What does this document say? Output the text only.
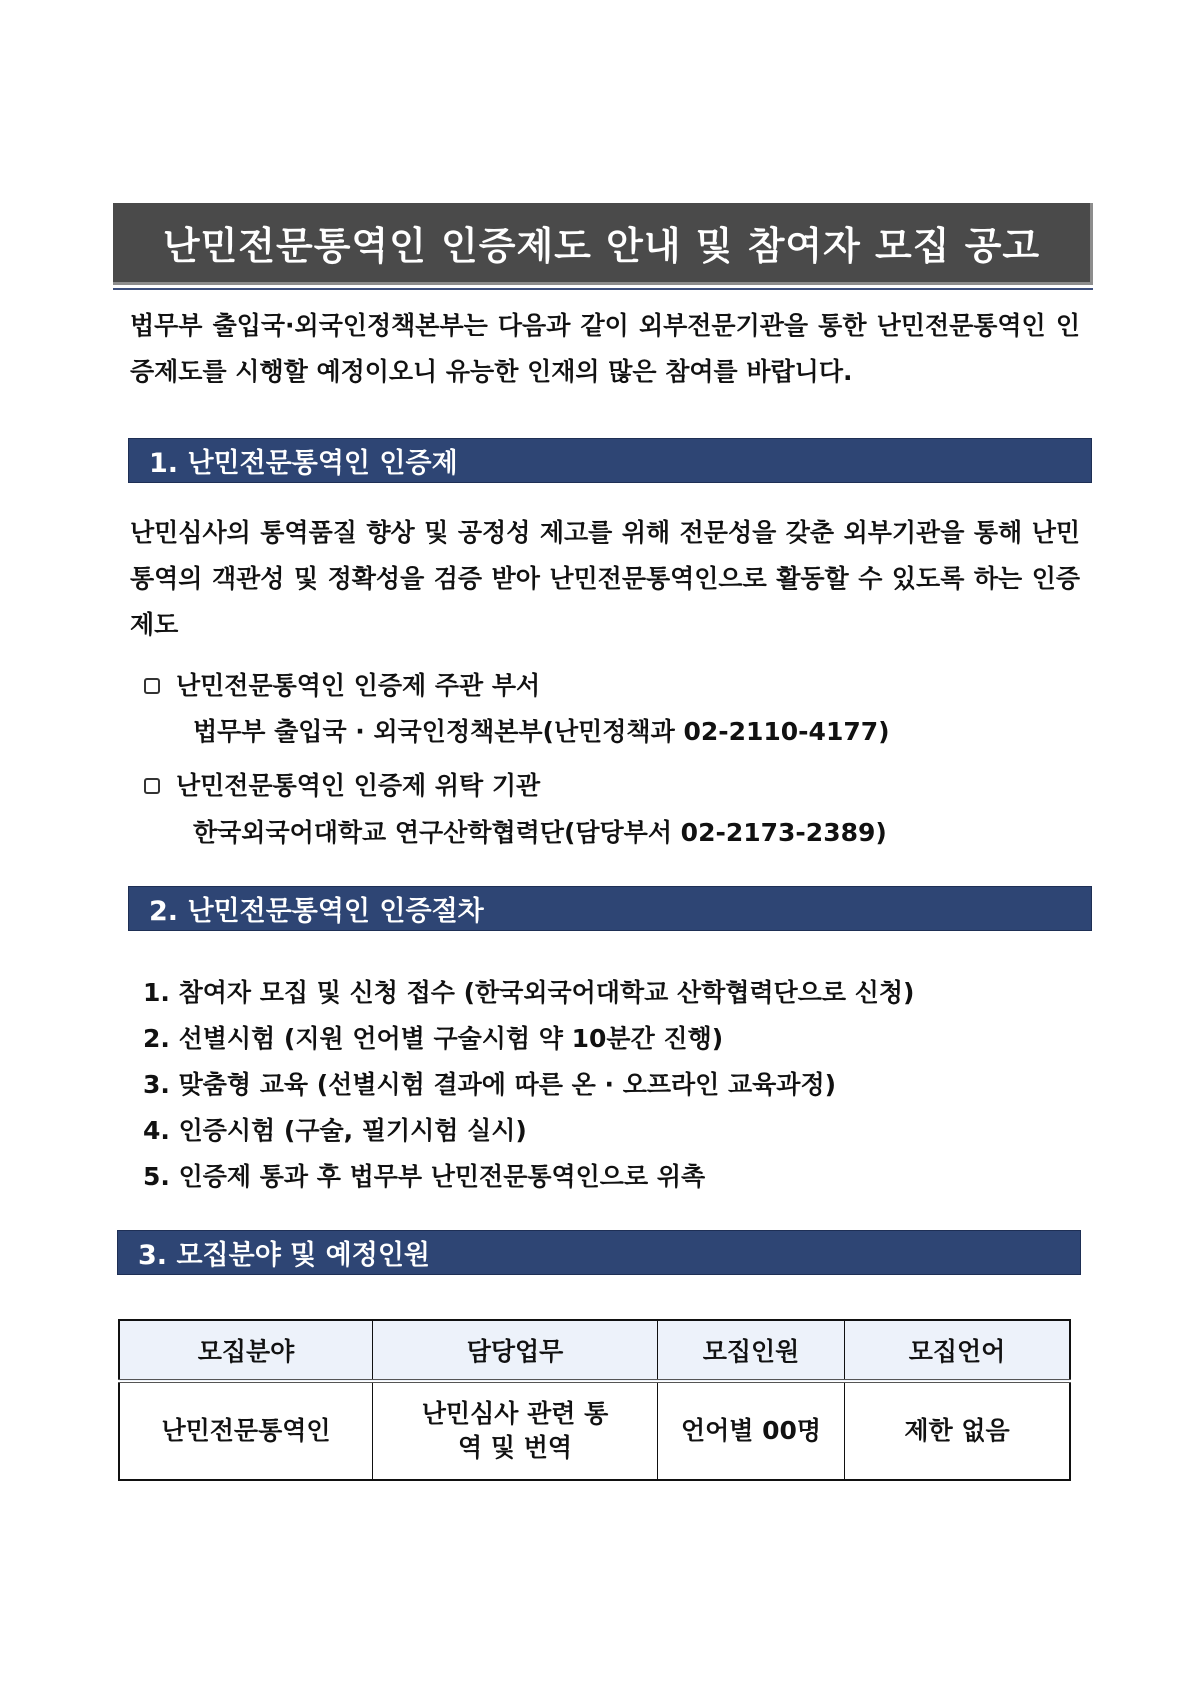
난민전문통역인 인증제도 안내 및 참여자 모집 공고
법무부 출입국·외국인정책본부는 다음과 같이 외부전문기관을 통한 난민전문통역인 인증제도를 시행할 예정이오니 유능한 인재의 많은 참여를 바랍니다.
1. 난민전문통역인 인증제
난민심사의 통역품질 향상 및 공정성 제고를 위해 전문성을 갖춘 외부기관을 통해 난민통역의 객관성 및 정확성을 검증 받아 난민전문통역인으로 활동할 수 있도록 하는 인증제도
난민전문통역인 인증제 주관 부서
법무부 출입국 · 외국인정책본부(난민정책과 02-2110-4177)
난민전문통역인 인증제 위탁 기관
한국외국어대학교 연구산학협력단(담당부서 02-2173-2389)
2. 난민전문통역인 인증절차
1. 참여자 모집 및 신청 접수 (한국외국어대학교 산학협력단으로 신청)
2. 선별시험 (지원 언어별 구술시험 약 10분간 진행)
3. 맞춤형 교육 (선별시험 결과에 따른 온 · 오프라인 교육과정)
4. 인증시험 (구술, 필기시험 실시)
5. 인증제 통과 후 법무부 난민전문통역인으로 위촉
3. 모집분야 및 예정인원
모집분야	담당업무	모집인원	모집언어
난민전문통역인	난민심사 관련 통역 및 번역	언어별 00명	제한 없음
